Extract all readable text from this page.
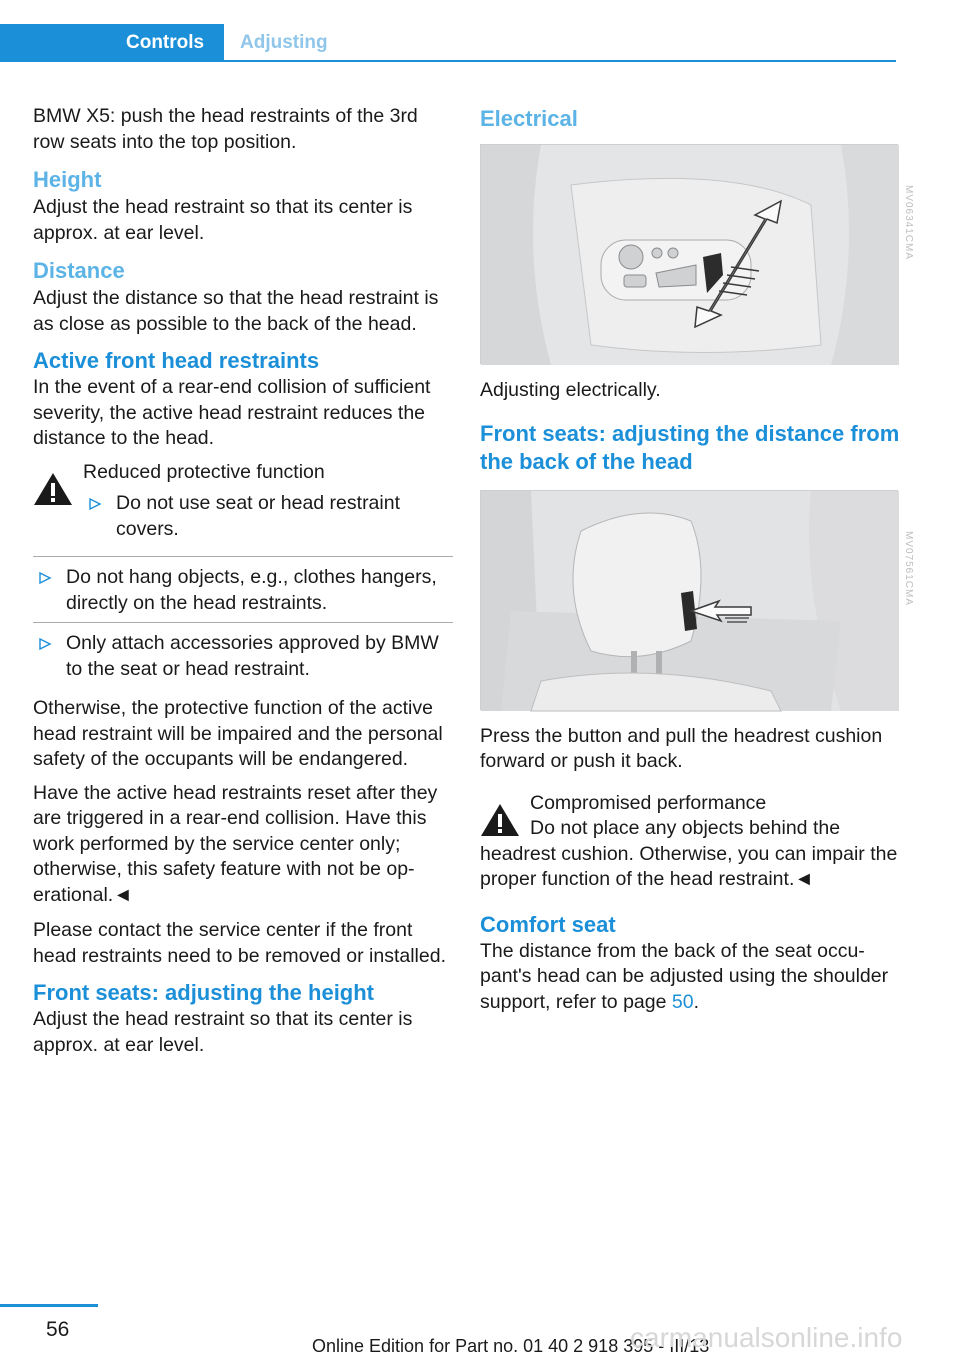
Controls	Adjusting

BMW X5: push the head restraints of the 3rd row seats into the top position.

Height

Adjust the head restraint so that its center is approx. at ear level.

Distance

Adjust the distance so that the head restraint is as close as possible to the back of the head.

Active front head restraints

In the event of a rear-end collision of sufficient severity, the active head restraint reduces the distance to the head.

Reduced protective function
Do not use seat or head restraint covers.
Do not hang objects, e.g., clothes hangers, directly on the head restraints.
Only attach accessories approved by BMW to the seat or head restraint.

Otherwise, the protective function of the active head restraint will be impaired and the personal safety of the occupants will be endangered.

Have the active head restraints reset after they are triggered in a rear-end collision. Have this work performed by the service center only; otherwise, this safety feature with not be operational.◄

Please contact the service center if the front head restraints need to be removed or installed.

Front seats: adjusting the height

Adjust the head restraint so that its center is approx. at ear level.

Electrical
MV06341CMA

Adjusting electrically.

Front seats: adjusting the distance from the back of the head
MV07561CMA

Press the button and pull the headrest cushion forward or push it back.

Compromised performance

Do not place any objects behind the headrest cushion. Otherwise, you can impair the proper function of the head restraint.◄

Comfort seat

The distance from the back of the seat occupant's head can be adjusted using the shoulder support, refer to page 50.

56
Online Edition for Part no. 01 40 2 918 395 - III/13
carmanualsonline.info
